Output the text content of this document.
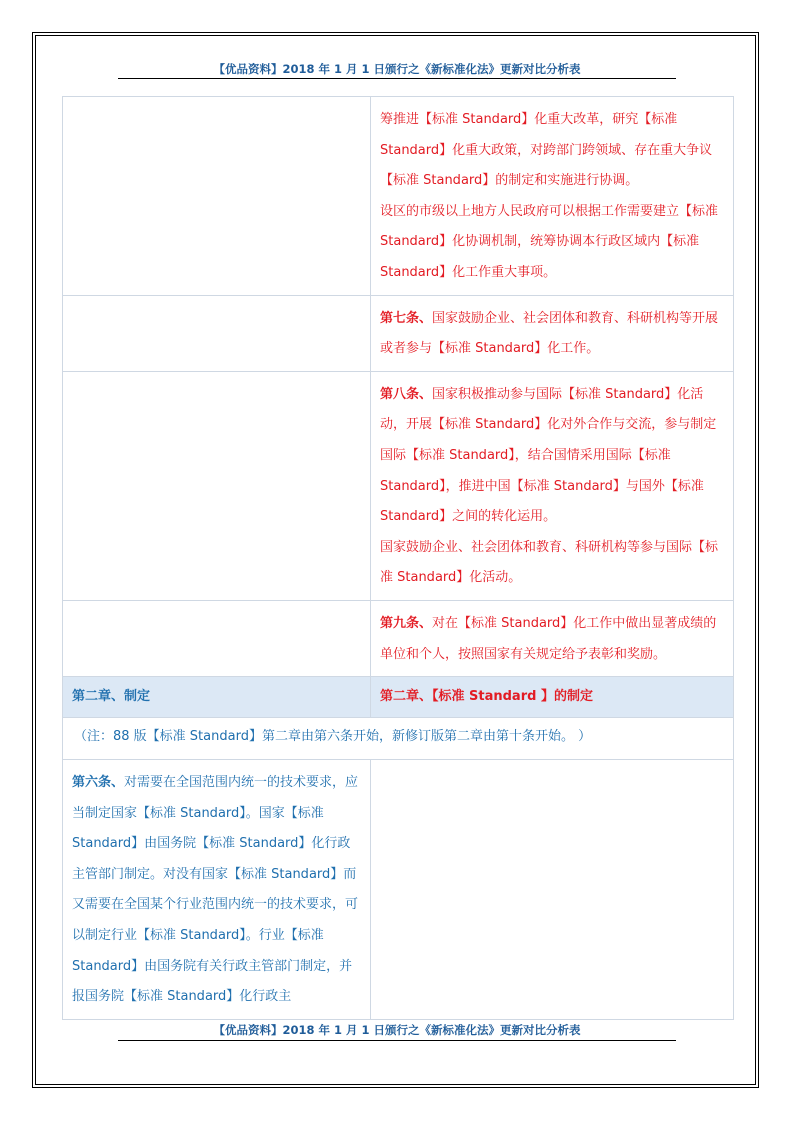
【优品资料】2018 年 1 月 1 日颁行之《新标准化法》更新对比分析表

	筹推进【标准 Standard】化重大改革，研究【标准 Standard】化重大政策，对跨部门跨领域、存在重大争议【标准 Standard】的制定和实施进行协调。

设区的市级以上地方人民政府可以根据工作需要建立【标准 Standard】化协调机制，统筹协调本行政区域内【标准 Standard】化工作重大事项。

	第七条、国家鼓励企业、社会团体和教育、科研机构等开展或者参与【标准 Standard】化工作。

	第八条、国家积极推动参与国际【标准 Standard】化活动，开展【标准 Standard】化对外合作与交流，参与制定国际【标准 Standard】，结合国情采用国际【标准 Standard】，推进中国【标准 Standard】与国外【标准 Standard】之间的转化运用。

国家鼓励企业、社会团体和教育、科研机构等参与国际【标准 Standard】化活动。

	第九条、对在【标准 Standard】化工作中做出显著成绩的单位和个人，按照国家有关规定给予表彰和奖励。
第二章、制定	第二章、【标准 Standard 】的制定
（注：88 版【标准 Standard】第二章由第六条开始，新修订版第二章由第十条开始。 ）	
第六条、对需要在全国范围内统一的技术要求，应当制定国家【标准 Standard】。国家【标准 Standard】由国务院【标准 Standard】化行政主管部门制定。对没有国家【标准 Standard】而又需要在全国某个行业范围内统一的技术要求，可以制定行业【标准 Standard】。行业【标准 Standard】由国务院有关行政主管部门制定，并报国务院【标准 Standard】化行政主	
【优品资料】2018 年 1 月 1 日颁行之《新标准化法》更新对比分析表
